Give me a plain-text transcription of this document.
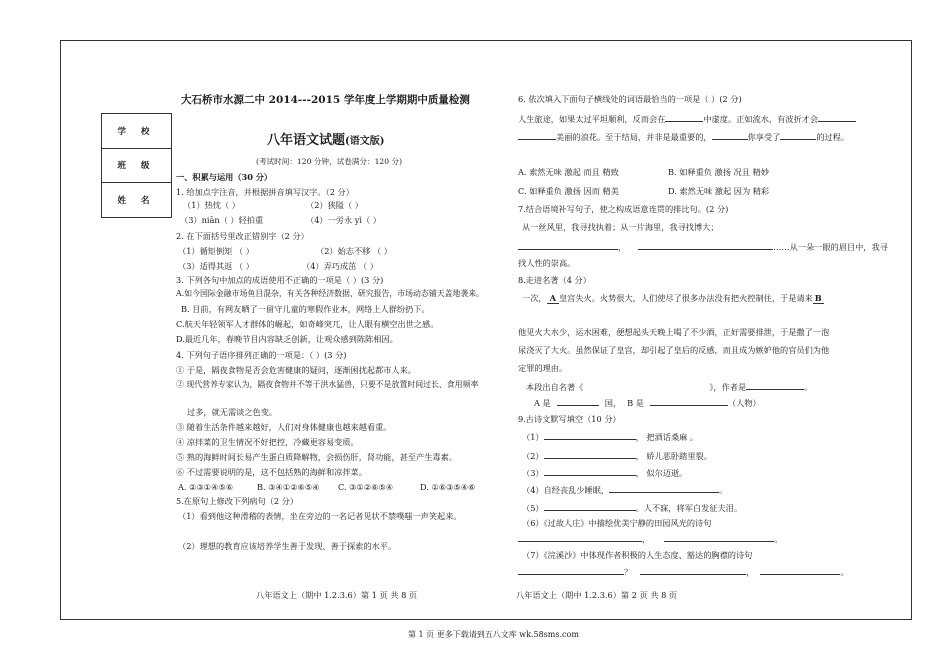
学 校
班 级
姓 名
大石桥市水源二中 2014---2015 学年度上学期期中质量检测
八年语文试题(语文版)
(考试时间：120 分钟，试卷满分：120 分)
一、积累与运用（30 分）
1. 给加点字注音，并根据拼音填写汉字。（2 分）
（1）热忱（ ）	（2）狭隘（ ）
（3）niān（ ）轻拍重	（4）一労永 yì（ ）
2. 在下面括号里改正错别字（2 分）
（1）循矩倒矩 （ ）	（2）始志不移 （ ）
（3）适得其返 （ ）	（4）弄巧成茁 （ ）
3. 下列各句中加点的成语使用不正确的一项是（ ）(3 分)
A.如今国际金融市场鱼目混杂，有关各种经济数据、研究报告，市场动态铺天盖地袭来。
B. 目前，有网友晒了一留守儿童的寒假作业本，网络上人群纷扔下。
C.航天年轻领军人才群体的崛起，如奇峰突兀，让人眼有横空出世之感。
D.最近几年，春晚节目内容缺乏创新，让观众感到陈陈相因。
4. 下列句子语序排列正确的一项是：（ ）(3 分)
① 于是，隔夜食物是否会危害健康的疑问，逐渐困扰起都市人来。
② 现代营养专家认为，隔夜食物并不等于洪水猛兽，只要不是放置时间过长、食用频率
过多，就无需谈之色变。
③ 随着生活条件越来越好，人们对身体健康也越来越看重。
④ 凉拌菜的卫生情况不好把控，冷藏更容易变质。
⑤ 熟的海鲜时间长易产生蛋白质降解物，会损伤肝，肾功能，甚至产生毒素。
⑥ 不过需要说明的是，这不包括熟的海鲜和凉拌菜。
A. ②③①④⑤⑥	B. ③④①②⑥⑤④ C. ③①②⑥⑤④	D. ①⑥③⑤④⑥
5.在原句上修改下列病句（2 分）
（1）看到他这种滑稽的表情，坐在旁边的一名记者见状不禁噗嗤一声笑起来。
（2）理想的教育应该培养学生善于发现、善于探索的水平。
八年语文上（期中 1.2.3.6）第 1 页 共 8 页
6. 依次填入下面句子横线处的词语最恰当的一项是（ ）(2 分)
人生旅途，如果太过平坦顺利，反而会在	中虚度。正如流水，有波折才会
美丽的浪花。至于结局，并非是最重要的，	你享受了	的过程。
A. 索然无味 激起 而且 精致	B. 如释重负 激扬 况且 精妙
C. 如释重负 激扬 因而 精美	D. 索然无味 激起 因为 精彩
7.结合语境补写句子，使之构成语意连贯的排比句。(2 分)
从一丝风里，我寻找执着；从一片海里，我寻找博大；
，	……从一朵一眼的眉目中，我寻
找人性的崇高。
8.走进名著（4 分）
一次， A 皇宫失火。火势很大，人们使尽了很多办法没有把火控制住，于是请来 B
他见火大水少，运水困难，便想起头天晚上喝了不少酒，正好需要排泄，于是撒了一泡
尿浇灭了大火。虽然保证了皇宫，却引起了皇后的反感，而且成为嫉妒他的官员们为他
定罪的理由。
本段出自名著《	》，作者是	。
A 是	国， B 是	（人物）
9.古诗文默写填空（10 分）
（1）	， 把酒话桑麻 。
（2）	， 娇儿恶卧踏里裂。
（3）	， 似尔迈逝。
（4）自经丧乱少睡眠，	。
（5）	。人不寐，将军白发征夫泪。
（6）《过故人庄》中描绘优美宁静的田园风光的诗句
，	。
（7）《浣溪沙》中体现作者积极的人生态度、豁达的胸襟的诗句
？	，	。
八年语文上（期中 1.2.3.6）第 2 页 共 8 页
第 1 页 更多下载请到五八文库 wk.58sms.com
